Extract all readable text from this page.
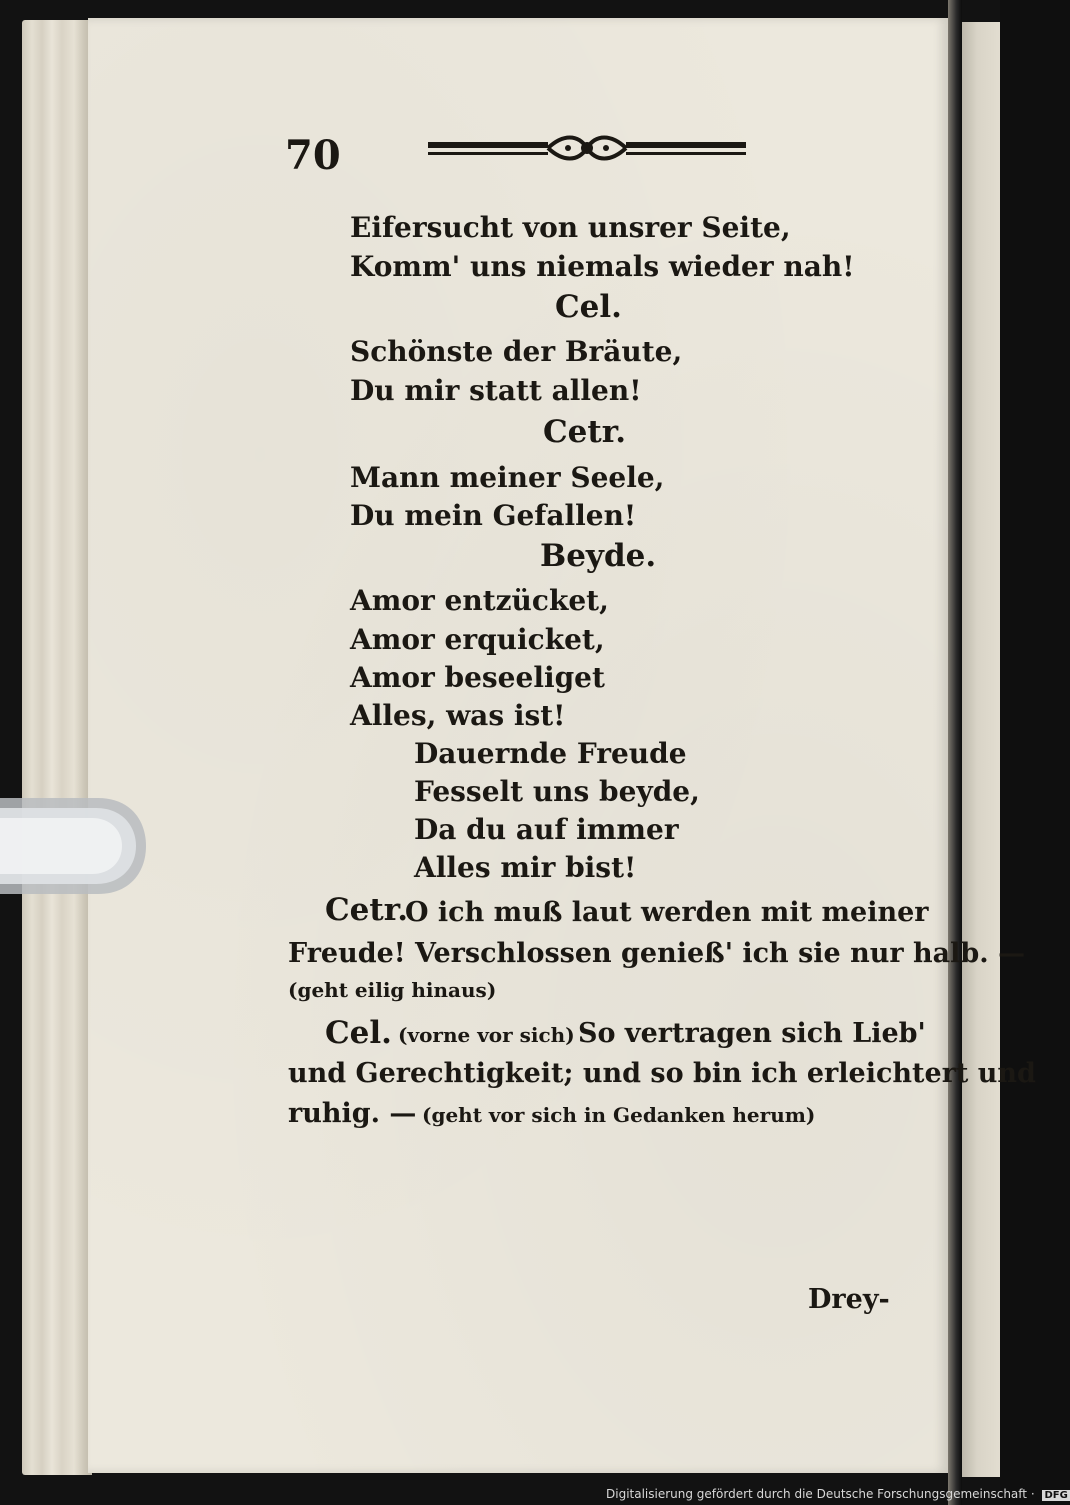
70
Eifersucht von unsrer Seite,
Komm' uns niemals wieder nah!
Cel.
Schönste der Bräute,
Du mir statt allen!
Cetr.
Mann meiner Seele,
Du mein Gefallen!
Beyde.
Amor entzücket,
Amor erquicket,
Amor beseeliget
Alles, was ist!
Dauernde Freude
Fesselt uns beyde,
Da du auf immer
Alles mir bist!
Cetr.
O ich muß laut werden mit meiner
Freude! Verschlossen genieß' ich sie nur halb. —
(geht eilig hinaus)
Cel. (vorne vor sich) So vertragen sich Lieb'
und Gerechtigkeit; und so bin ich erleichtert und
ruhig. — (geht vor sich in Gedanken herum)
Drey-
Digitalisierung gefördert durch die Deutsche Forschungsgemeinschaft · DFG
